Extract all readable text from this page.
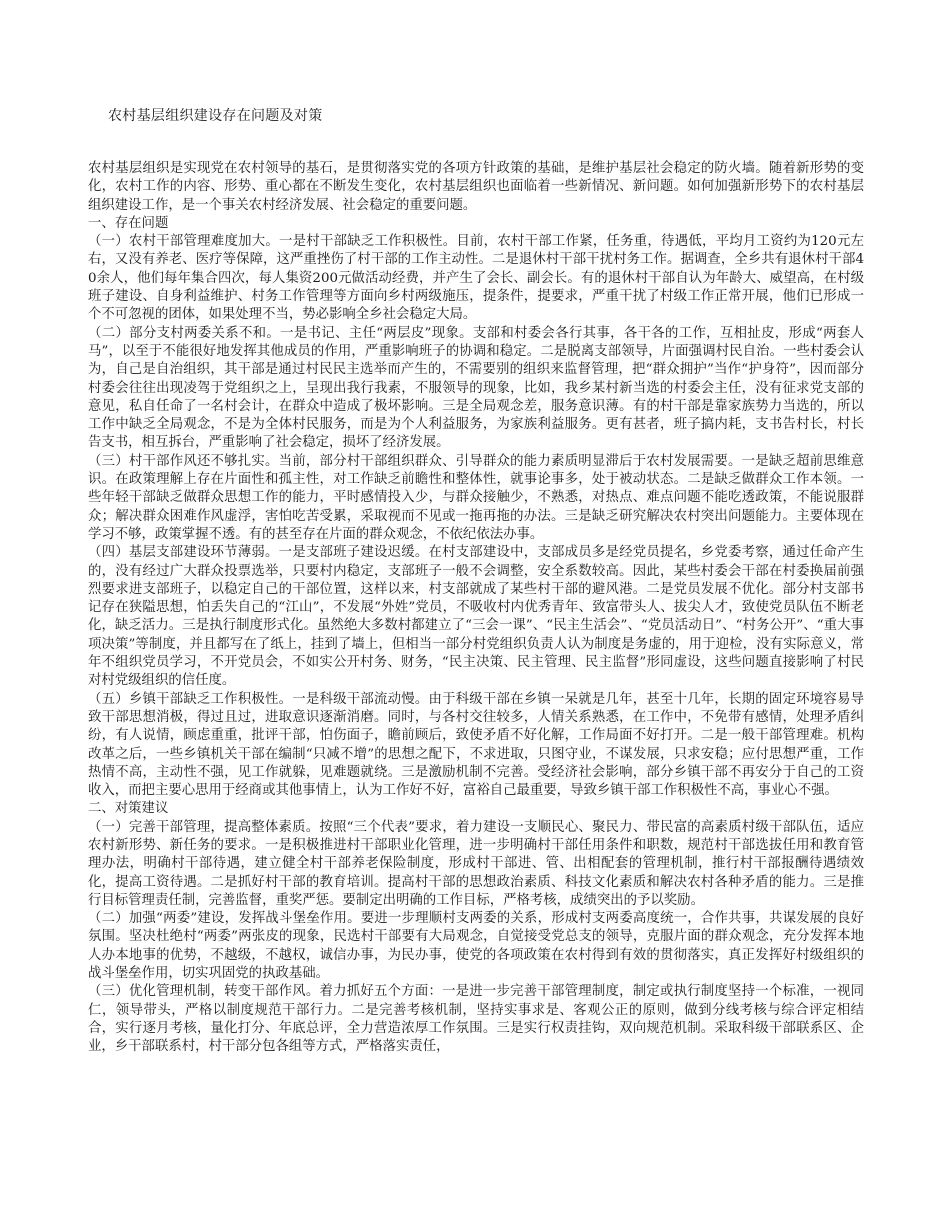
农村基层组织建设存在问题及对策

农村基层组织是实现党在农村领导的基石，是贯彻落实党的各项方针政策的基础，是维护基层社会稳定的防火墙。随着新形势的变化，农村工作的内容、形势、重心都在不断发生变化，农村基层组织也面临着一些新情况、新问题。如何加强新形势下的农村基层组织建设工作，是一个事关农村经济发展、社会稳定的重要问题。

一、存在问题

（一）农村干部管理难度加大。一是村干部缺乏工作积极性。目前，农村干部工作紧，任务重，待遇低，平均月工资约为120元左右，又没有养老、医疗等保障，这严重挫伤了村干部的工作主动性。二是退休村干部干扰村务工作。据调查，全乡共有退休村干部40余人，他们每年集合四次，每人集资200元做活动经费，并产生了会长、副会长。有的退休村干部自认为年龄大、威望高，在村级班子建设、自身利益维护、村务工作管理等方面向乡村两级施压，提条件，提要求，严重干扰了村级工作正常开展，他们已形成一个不可忽视的团体，如果处理不当，势必影响全乡社会稳定大局。

（二）部分支村两委关系不和。一是书记、主任“两层皮”现象。支部和村委会各行其事，各干各的工作，互相扯皮，形成“两套人马”，以至于不能很好地发挥其他成员的作用，严重影响班子的协调和稳定。二是脱离支部领导，片面强调村民自治。一些村委会认为，自己是自治组织，其干部是通过村民民主选举而产生的，不需要别的组织来监督管理，把“群众拥护”当作“护身符”，因而部分村委会往往出现凌驾于党组织之上，呈现出我行我素，不服领导的现象，比如，我乡某村新当选的村委会主任，没有征求党支部的意见，私自任命了一名村会计，在群众中造成了极坏影响。三是全局观念差，服务意识薄。有的村干部是靠家族势力当选的，所以工作中缺乏全局观念，不是为全体村民服务，而是为个人利益服务，为家族利益服务。更有甚者，班子搞内耗，支书告村长，村长告支书，相互拆台，严重影响了社会稳定，损坏了经济发展。

（三）村干部作风还不够扎实。当前，部分村干部组织群众、引导群众的能力素质明显滞后于农村发展需要。一是缺乏超前思维意识。在政策理解上存在片面性和孤主性，对工作缺乏前瞻性和整体性，就事论事多，处于被动状态。二是缺乏做群众工作本领。一些年轻干部缺乏做群众思想工作的能力，平时感情投入少，与群众接触少，不熟悉，对热点、难点问题不能吃透政策，不能说服群众；解决群众困难作风虚浮，害怕吃苦受累，采取视而不见或一拖再拖的办法。三是缺乏研究解决农村突出问题能力。主要体现在学习不够，政策掌握不透。有的甚至存在片面的群众观念，不依纪依法办事。

（四）基层支部建设环节薄弱。一是支部班子建设迟缓。在村支部建设中，支部成员多是经党员提名，乡党委考察，通过任命产生的，没有经过广大群众投票选举，只要村内稳定，支部班子一般不会调整，安全系数较高。因此，某些村委会干部在村委换届前强烈要求进支部班子，以稳定自己的干部位置，这样以来，村支部就成了某些村干部的避风港。二是党员发展不优化。部分村支部书记存在狭隘思想，怕丢失自己的“江山”，不发展“外姓”党员，不吸收村内优秀青年、致富带头人、拔尖人才，致使党员队伍不断老化，缺乏活力。三是执行制度形式化。虽然绝大多数村都建立了“三会一课”、“民主生活会”、“党员活动日”、“村务公开”、“重大事项决策”等制度，并且都写在了纸上，挂到了墙上，但相当一部分村党组织负责人认为制度是务虚的，用于迎检，没有实际意义，常年不组织党员学习，不开党员会，不如实公开村务、财务，“民主决策、民主管理、民主监督”形同虚设，这些问题直接影响了村民对村党级组织的信任度。

（五）乡镇干部缺乏工作积极性。一是科级干部流动慢。由于科级干部在乡镇一呆就是几年，甚至十几年，长期的固定环境容易导致干部思想消极，得过且过，进取意识逐渐消磨。同时，与各村交往较多，人情关系熟悉，在工作中，不免带有感情，处理矛盾纠纷，有人说情，顾虑重重，批评干部，怕伤面子，瞻前顾后，致使矛盾不好化解，工作局面不好打开。二是一般干部管理难。机构改革之后，一些乡镇机关干部在编制“只减不增”的思想之配下，不求进取，只图守业，不谋发展，只求安稳；应付思想严重，工作热情不高，主动性不强，见工作就躲，见难题就绕。三是激励机制不完善。受经济社会影响，部分乡镇干部不再安分于自己的工资收入，而把主要心思用于经商或其他事情上，认为工作好不好，富裕自己最重要，导致乡镇干部工作积极性不高，事业心不强。

二、对策建议

（一）完善干部管理，提高整体素质。按照“三个代表”要求，着力建设一支顺民心、聚民力、带民富的高素质村级干部队伍，适应农村新形势、新任务的要求。一是积极推进村干部职业化管理，进一步明确村干部任用条件和职数，规范村干部选拔任用和教育管理办法，明确村干部待遇，建立健全村干部养老保险制度，形成村干部进、管、出相配套的管理机制，推行村干部报酬待遇绩效化，提高工资待遇。二是抓好村干部的教育培训。提高村干部的思想政治素质、科技文化素质和解决农村各种矛盾的能力。三是推行目标管理责任制，完善监督，重奖严惩。要制定出明确的工作目标，严格考核，成绩突出的予以奖励。

（二）加强“两委”建设，发挥战斗堡垒作用。要进一步理顺村支两委的关系，形成村支两委高度统一，合作共事，共谋发展的良好氛围。坚决杜绝村“两委”两张皮的现象，民选村干部要有大局观念，自觉接受党总支的领导，克服片面的群众观念，充分发挥本地人办本地事的优势，不越级，不越权，诚信办事，为民办事，使党的各项政策在农村得到有效的贯彻落实，真正发挥好村级组织的战斗堡垒作用，切实巩固党的执政基础。

（三）优化管理机制，转变干部作风。着力抓好五个方面：一是进一步完善干部管理制度，制定或执行制度坚持一个标准，一视同仁，领导带头，严格以制度规范干部行力。二是完善考核机制，坚持实事求是、客观公正的原则，做到分线考核与综合评定相结合，实行逐月考核，量化打分、年底总评，全力营造浓厚工作氛围。三是实行权责挂钩，双向规范机制。采取科级干部联系区、企业，乡干部联系村，村干部分包各组等方式，严格落实责任，
